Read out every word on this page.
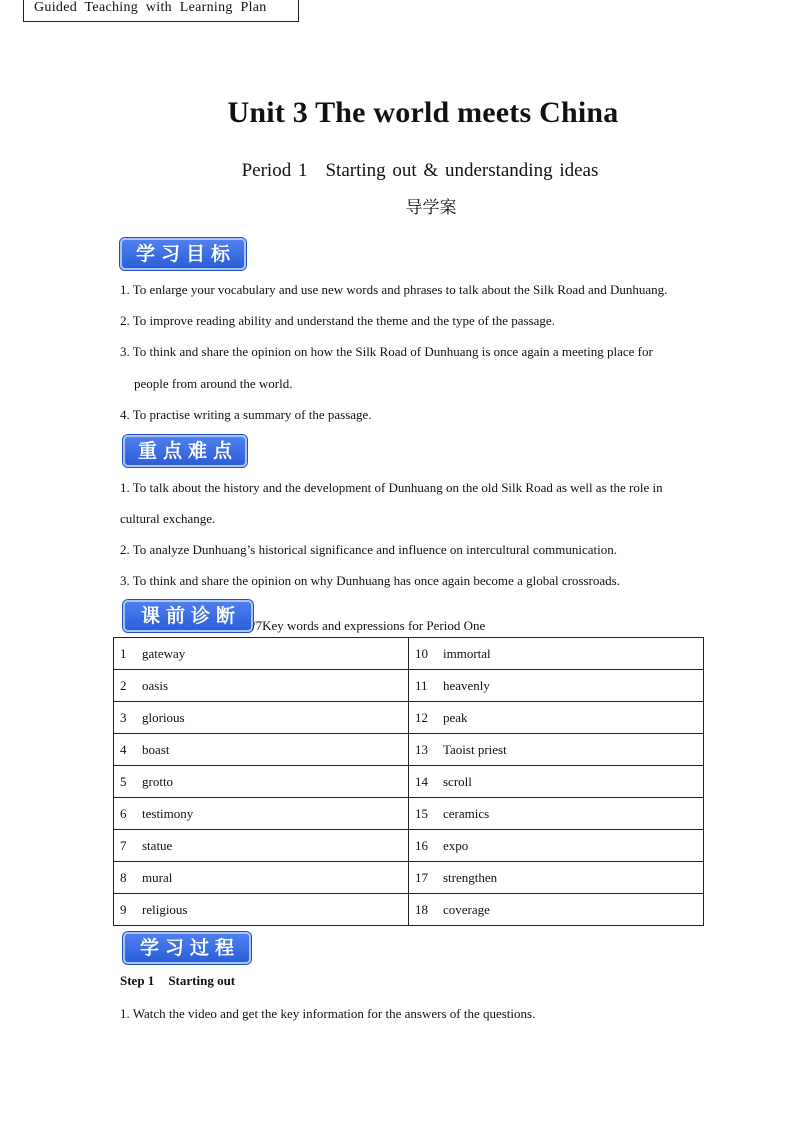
Guided Teaching with Learning Plan
Unit 3 The world meets China
Period 1 Starting out & understanding ideas
导学案
学习目标
1. To enlarge your vocabulary and use new words and phrases to talk about the Silk Road and Dunhuang.
2. To improve reading ability and understand the theme and the type of the passage.
3. To think and share the opinion on how the Silk Road of Dunhuang is once again a meeting place for
people from around the world.
4. To practise writing a summary of the passage.
重点难点
1. To talk about the history and the development of Dunhuang on the old Silk Road as well as the role in
cultural exchange.
2. To analyze Dunhuang’s historical significance and influence on intercultural communication.
3. To think and share the opinion on why Dunhuang has once again become a global crossroads.
课前诊断 /7Key words and expressions for Period One
1 gateway	10 immortal
2 oasis	11 heavenly
3 glorious	12 peak
4 boast	13 Taoist priest
5 grotto	14 scroll
6 testimony	15 ceramics
7 statue	16 expo
8 mural	17 strengthen
9 religious	18 coverage
学习过程
Step 1 Starting out
1. Watch the video and get the key information for the answers of the questions.
